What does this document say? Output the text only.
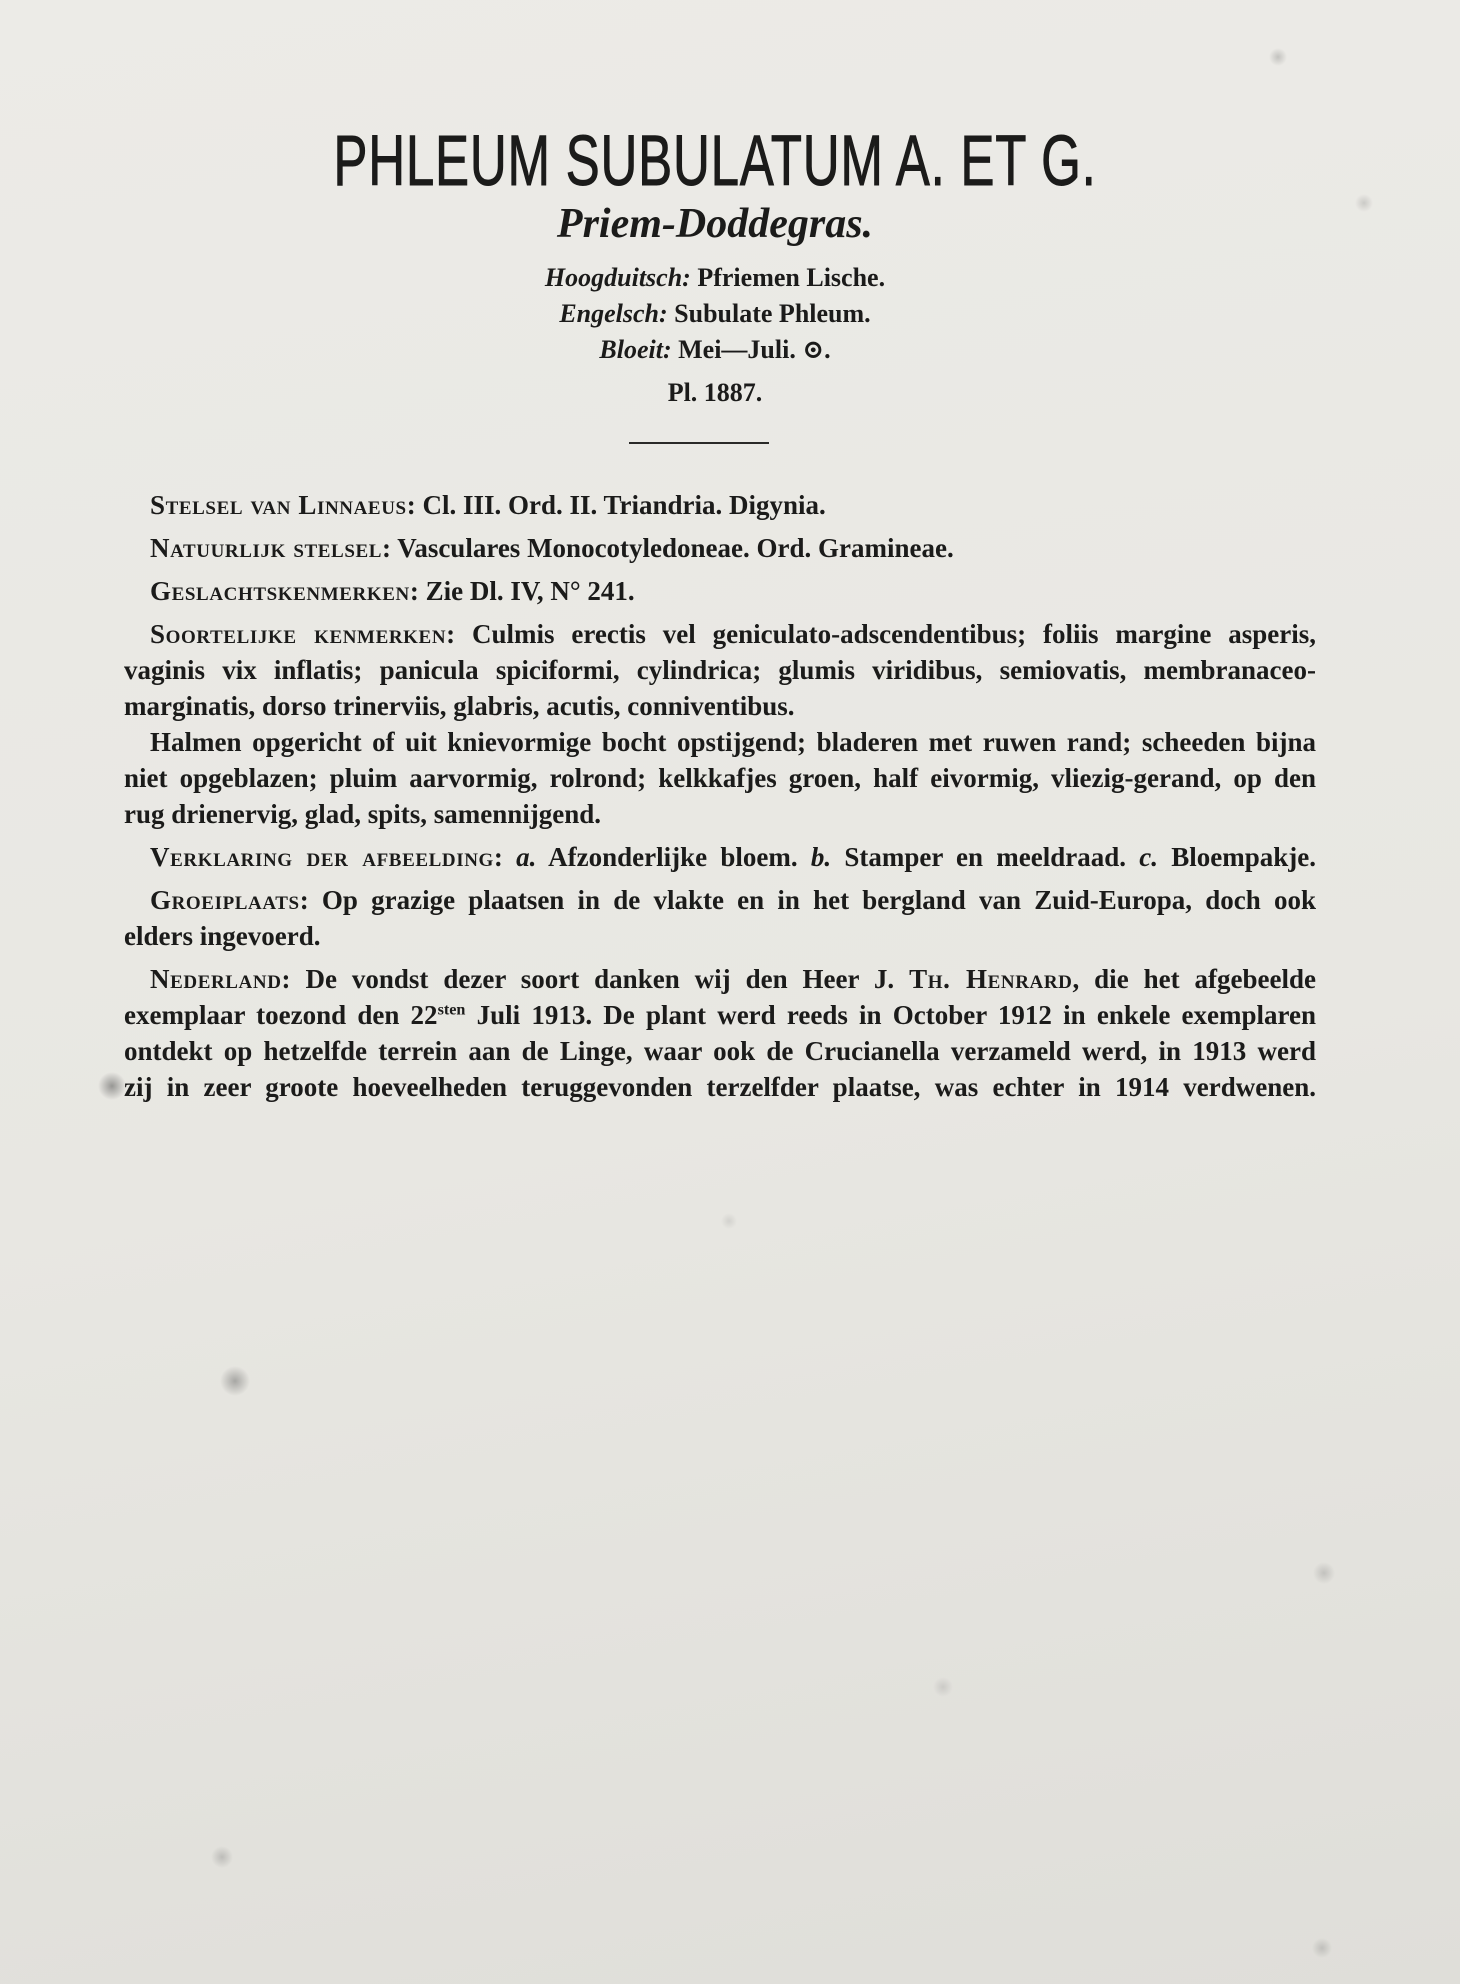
PHLEUM SUBULATUM A. ET G.
Priem-Doddegras.
Hoogduitsch: Pfriemen Lische.
Engelsch: Subulate Phleum.
Bloeit: Mei—Juli. ⊙.
Pl. 1887.
Stelsel van Linnaeus: Cl. III. Ord. II. Triandria. Digynia.
Natuurlijk stelsel: Vasculares Monocotyledoneae. Ord. Gramineae.
Geslachtskenmerken: Zie Dl. IV, N° 241.
Soortelijke kenmerken: Culmis erectis vel geniculato-adscendentibus; foliis margine asperis,
vaginis vix inflatis; panicula spiciformi, cylindrica; glumis viridibus, semiovatis, membranaceo-
marginatis, dorso trinerviis, glabris, acutis, conniventibus.
Halmen opgericht of uit knievormige bocht opstijgend; bladeren met ruwen rand; scheeden bijna
niet opgeblazen; pluim aarvormig, rolrond; kelkkafjes groen, half eivormig, vliezig-gerand, op den
rug drienervig, glad, spits, samennijgend.
Verklaring der afbeelding: a. Afzonderlijke bloem. b. Stamper en meeldraad. c. Bloempakje.
Groeiplaats: Op grazige plaatsen in de vlakte en in het bergland van Zuid-Europa, doch ook
elders ingevoerd.
Nederland: De vondst dezer soort danken wij den Heer J. Th. Henrard, die het afgebeelde
exemplaar toezond den $22^{sten}$ Juli 1913. De plant werd reeds in October 1912 in enkele exemplaren
ontdekt op hetzelfde terrein aan de Linge, waar ook de Crucianella verzameld werd, in 1913 werd
zij in zeer groote hoeveelheden teruggevonden terzelfder plaatse, was echter in 1914 verdwenen.
